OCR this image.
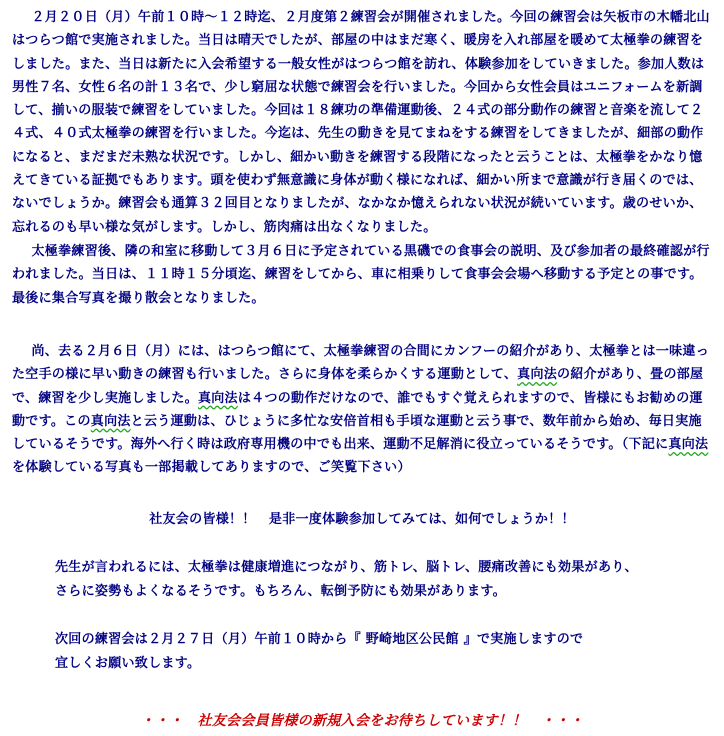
２月２０日（月）午前１０時～１２時迄、２月度第２練習会が開催されました。今回の練習会は矢板市の木幡北山はつらつ館で実施されました。当日は晴天でしたが、部屋の中はまだ寒く、暖房を入れ部屋を暖めて太極拳の練習をしました。また、当日は新たに入会希望する一般女性がはつらつ館を訪れ、体験参加をしていきました。参加人数は男性７名、女性６名の計１３名で、少し窮屈な状態で練習会を行いました。今回から女性会員はユニフォームを新調して、揃いの服装で練習をしていました。今回は１８練功の準備運動後、２４式の部分動作の練習と音楽を流して２４式、４０式太極拳の練習を行いました。今迄は、先生の動きを見てまねをする練習をしてきましたが、細部の動作になると、まだまだ未熟な状況です。しかし、細かい動きを練習する段階になったと云うことは、太極拳をかなり憶えてきている証拠でもあります。頭を使わず無意識に身体が動く様になれば、細かい所まで意識が行き届くのでは、ないでしょうか。練習会も通算３２回目となりましたが、なかなか憶えられない状況が続いています。歳のせいか、忘れるのも早い様な気がします。しかし、筋肉痛は出なくなりました。

太極拳練習後、隣の和室に移動して３月６日に予定されている黒磯での食事会の説明、及び参加者の最終確認が行われました。当日は、１１時１５分頃迄、練習をしてから、車に相乗りして食事会会場へ移動する予定との事です。最後に集合写真を撮り散会となりました。

尚、去る２月６日（月）には、はつらつ館にて、太極拳練習の合間にカンフーの紹介があり、太極拳とは一味違った空手の様に早い動きの練習も行いました。さらに身体を柔らかくする運動として、真向法の紹介があり、畳の部屋で、練習を少し実施しました。真向法は４つの動作だけなので、誰でもすぐ覚えられますので、皆様にもお勧めの運動です。この真向法と云う運動は、ひじょうに多忙な安倍首相も手頃な運動と云う事で、数年前から始め、毎日実施しているそうです。海外へ行く時は政府専用機の中でも出来、運動不足解消に役立っているそうです。（下記に真向法を体験している写真も一部掲載してありますので、ご笑覧下さい）

社友会の皆様！！　是非一度体験参加してみては、如何でしょうか！！

先生が言われるには、太極拳は健康増進につながり、筋トレ、脳トレ、腰痛改善にも効果があり、
さらに姿勢もよくなるそうです。もちろん、転倒予防にも効果があります。
次回の練習会は２月２７日（月）午前１０時から『 野崎地区公民館 』で実施しますので
宜しくお願い致します。

・・・　社友会会員皆様の新規入会をお待ちしています！！　・・・
